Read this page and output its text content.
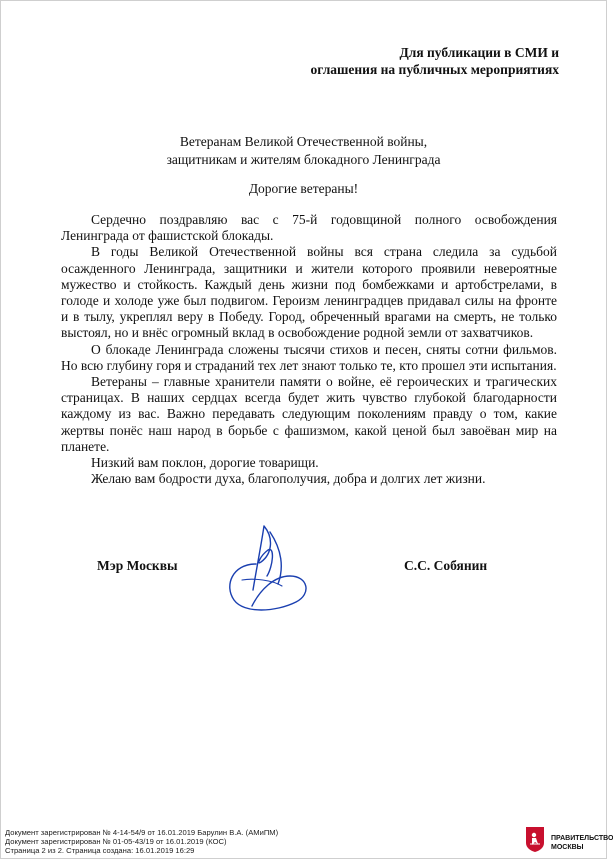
Для публикации в СМИ и
оглашения на публичных мероприятиях
Ветеранам Великой Отечественной войны,
защитникам и жителям блокадного Ленинграда
Дорогие ветераны!

Сердечно поздравляю вас с 75-й годовщиной полного освобождения Ленинграда от фашистской блокады.

В годы Великой Отечественной войны вся страна следила за судьбой осажденного Ленинграда, защитники и жители которого проявили невероятные мужество и стойкость. Каждый день жизни под бомбежками и артобстрелами, в голоде и холоде уже был подвигом. Героизм ленинградцев придавал силы на фронте и в тылу, укреплял веру в Победу. Город, обреченный врагами на смерть, не только выстоял, но и внёс огромный вклад в освобождение родной земли от захватчиков.

О блокаде Ленинграда сложены тысячи стихов и песен, сняты сотни фильмов. Но всю глубину горя и страданий тех лет знают только те, кто прошел эти испытания.

Ветераны – главные хранители памяти о войне, её героических и трагических страницах. В наших сердцах всегда будет жить чувство глубокой благодарности каждому из вас. Важно передавать следующим поколениям правду о том, какие жертвы понёс наш народ в борьбе с фашизмом, какой ценой был завоёван мир на планете.

Низкий вам поклон, дорогие товарищи.

Желаю вам бодрости духа, благополучия, добра и долгих лет жизни.

Мэр Москвы	С.С. Собянин
Документ зарегистрирован № 4-14-54/9 от 16.01.2019 Барулин В.А. (АМиПМ)
Документ зарегистрирован № 01-05-43/19 от 16.01.2019 (КОС)
Страница 2 из 2. Страница создана: 16.01.2019 16:29
ПРАВИТЕЛЬСТВО
МОСКВЫ
